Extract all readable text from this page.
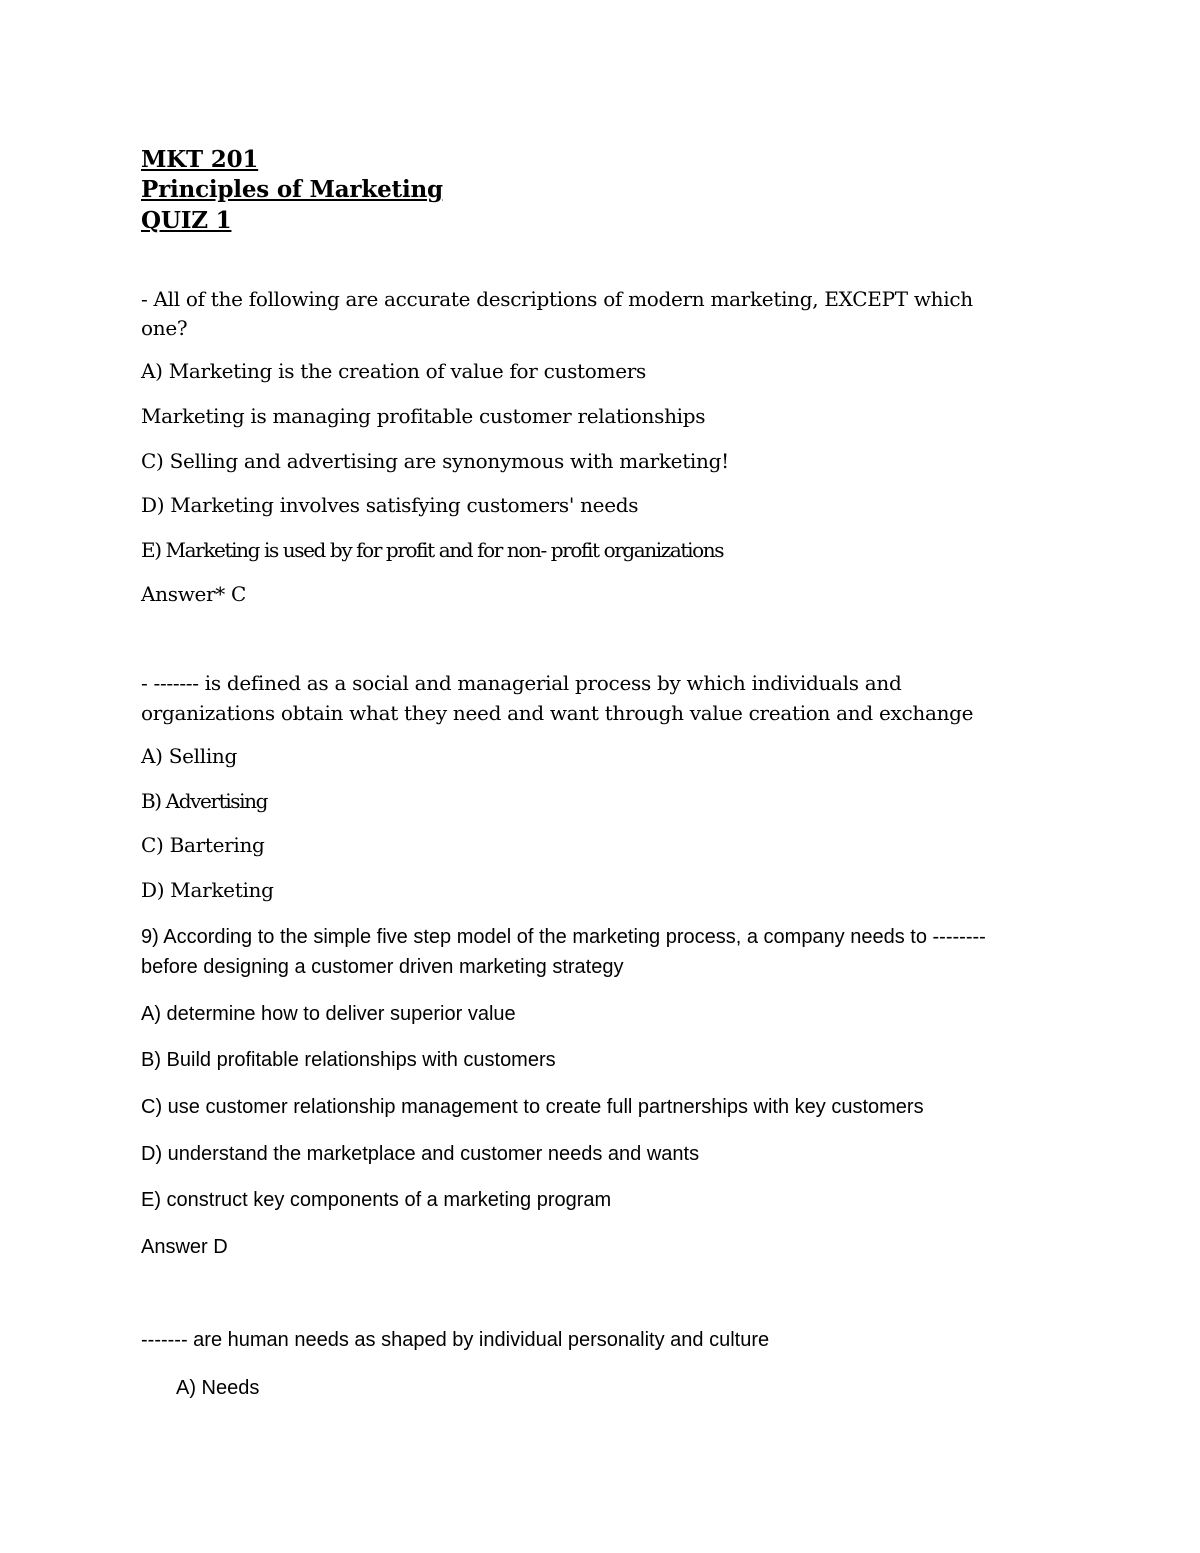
MKT 201
Principles of Marketing
QUIZ 1
- All of the following are accurate descriptions of modern marketing, EXCEPT which
one?
A) Marketing is the creation of value for customers
Marketing is managing profitable customer relationships
C) Selling and advertising are synonymous with marketing!
D) Marketing involves satisfying customers' needs
E) Marketing is used by for profit and for non- profit organizations
Answer* C
- ------- is defined as a social and managerial process by which individuals and
organizations obtain what they need and want through value creation and exchange
A) Selling
B) Advertising
C) Bartering
D) Marketing
9) According to the simple five step model of the marketing process, a company needs to --------
before designing a customer driven marketing strategy
A) determine how to deliver superior value
B) Build profitable relationships with customers
C) use customer relationship management to create full partnerships with key customers
D) understand the marketplace and customer needs and wants
E) construct key components of a marketing program
Answer D
------- are human needs as shaped by individual personality and culture
A) Needs
